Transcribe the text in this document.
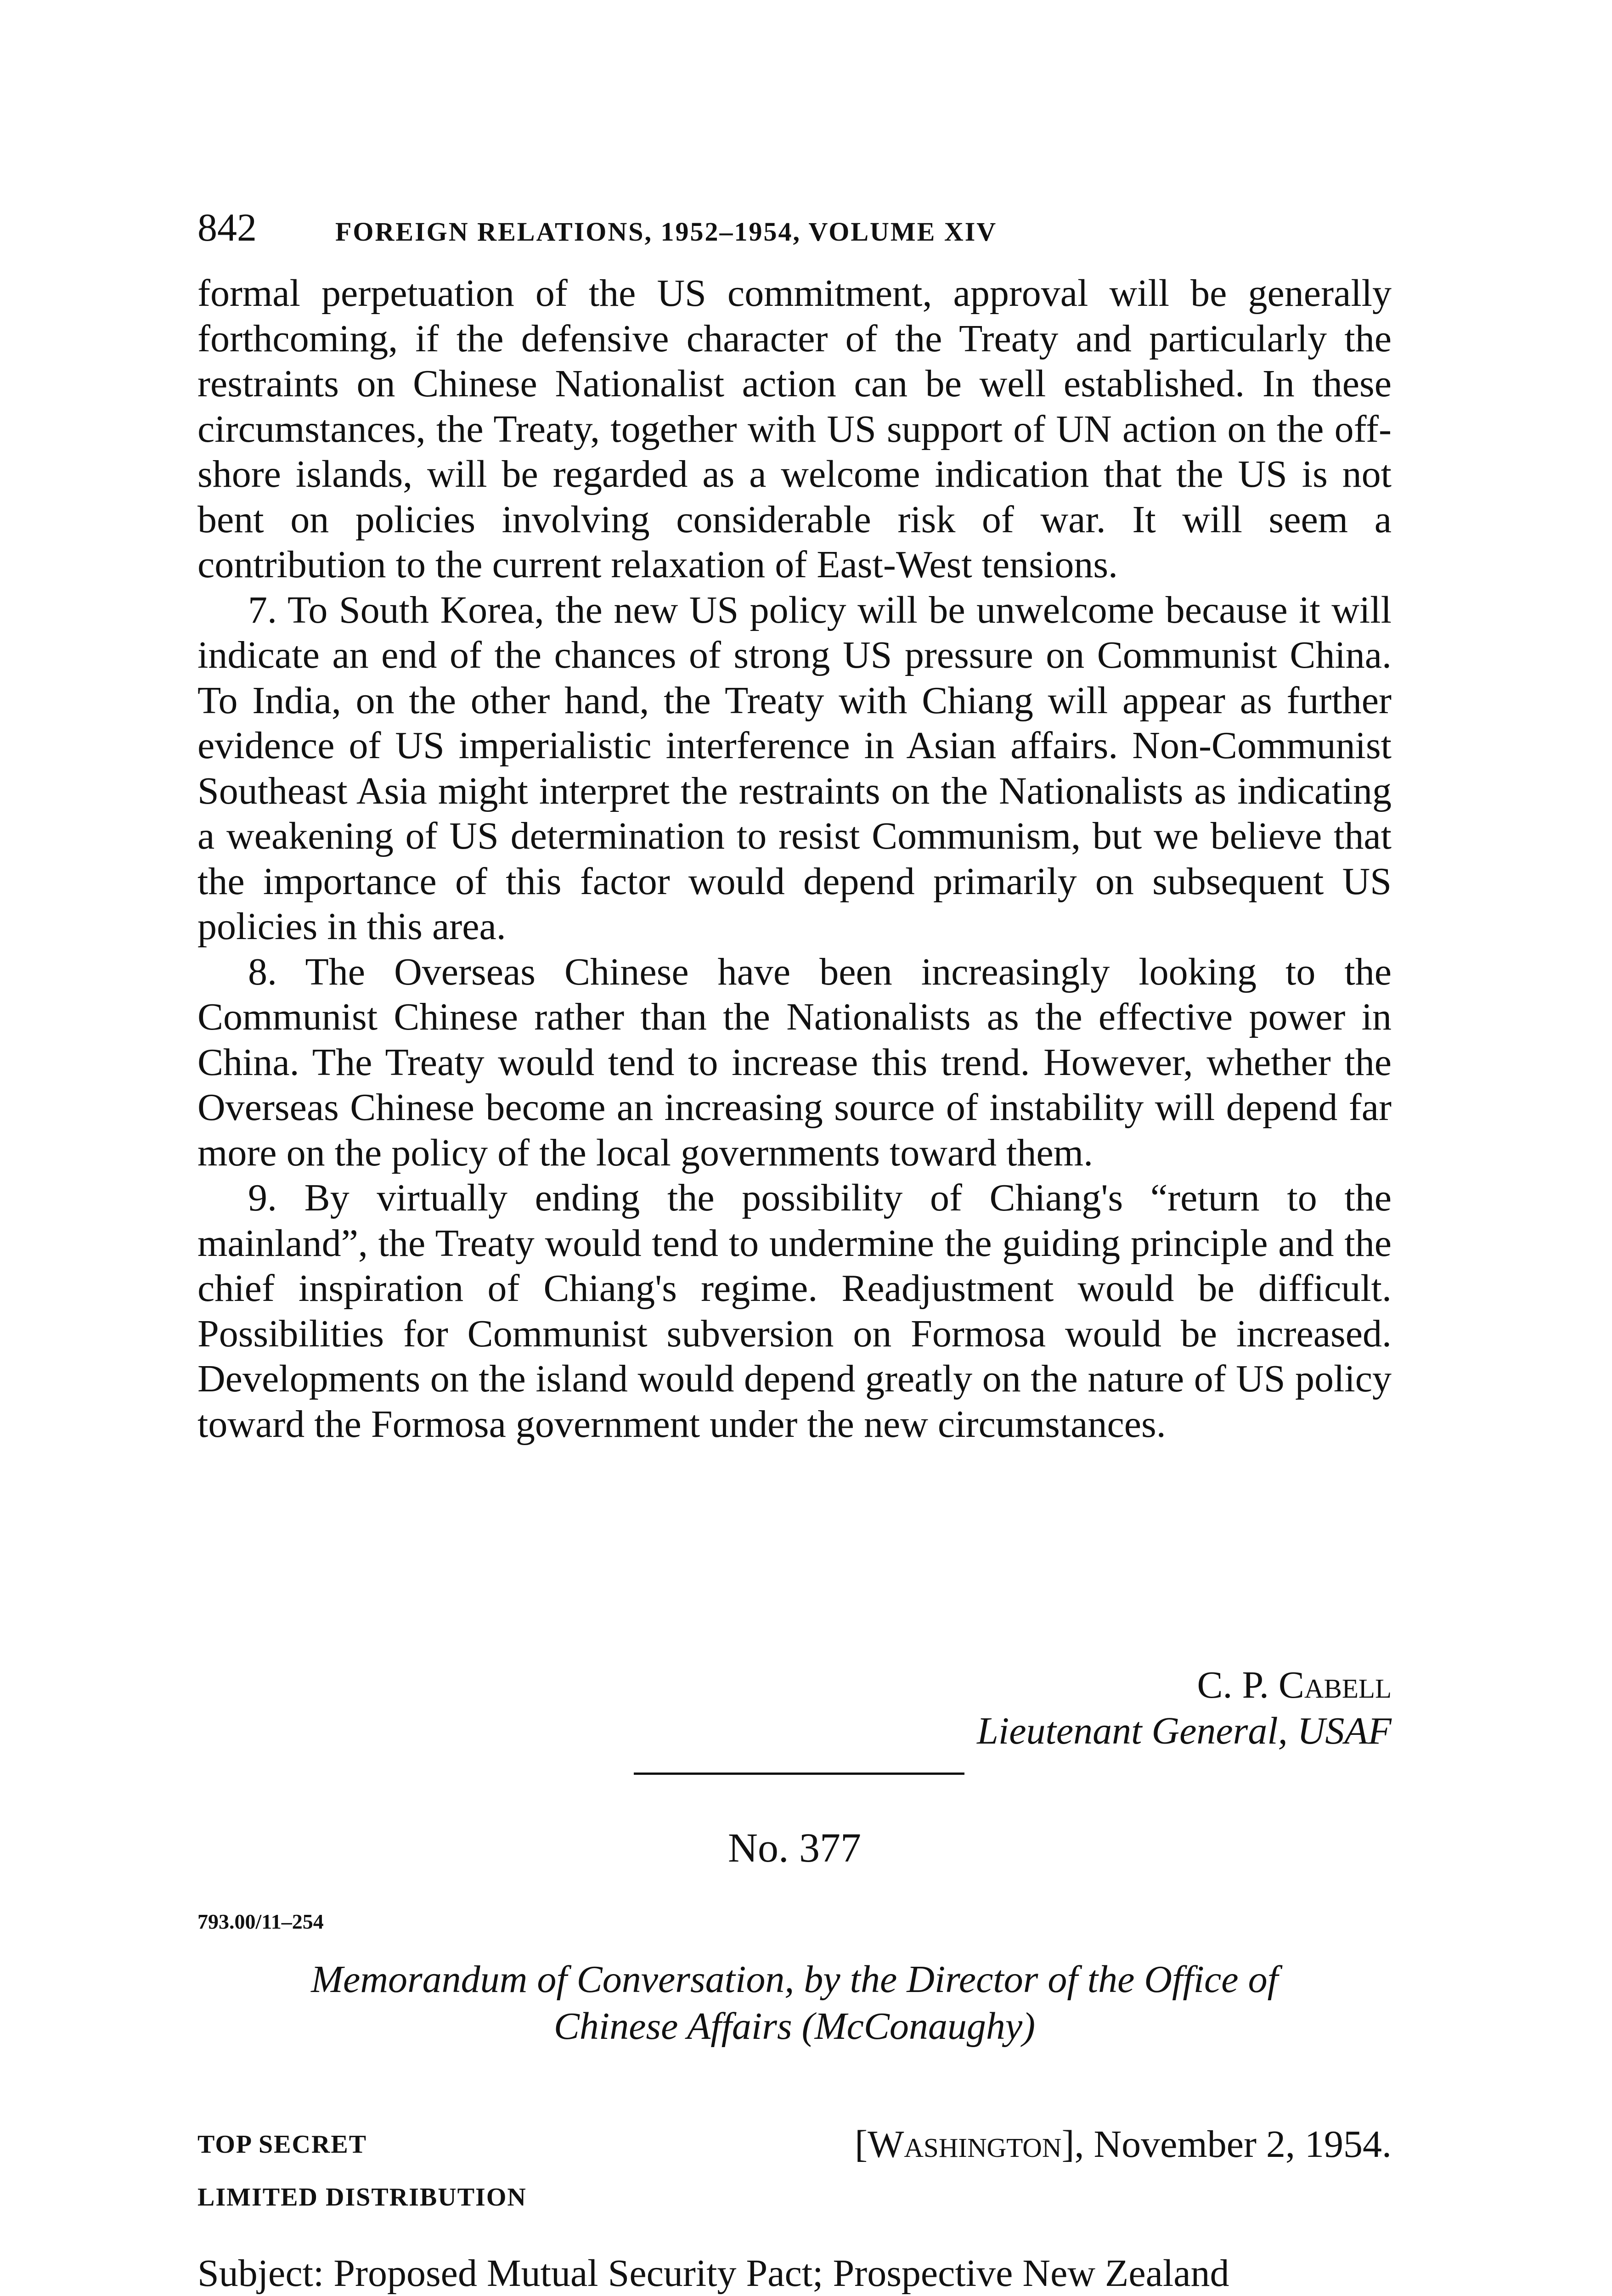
842	FOREIGN RELATIONS, 1952–1954, VOLUME XIV

formal perpetuation of the US commitment, approval will be generally forthcoming, if the defensive character of the Treaty and particularly the restraints on Chinese Nationalist action can be well established. In these circumstances, the Treaty, together with US support of UN action on the off-shore islands, will be regarded as a welcome indication that the US is not bent on policies involving considerable risk of war. It will seem a contribution to the current relaxation of East-West tensions.

7. To South Korea, the new US policy will be unwelcome because it will indicate an end of the chances of strong US pressure on Communist China. To India, on the other hand, the Treaty with Chiang will appear as further evidence of US imperialistic interference in Asian affairs. Non-Communist Southeast Asia might interpret the restraints on the Nationalists as indicating a weakening of US determination to resist Communism, but we believe that the importance of this factor would depend primarily on subsequent US policies in this area.

8. The Overseas Chinese have been increasingly looking to the Communist Chinese rather than the Nationalists as the effective power in China. The Treaty would tend to increase this trend. However, whether the Overseas Chinese become an increasing source of instability will depend far more on the policy of the local governments toward them.

9. By virtually ending the possibility of Chiang's “return to the mainland”, the Treaty would tend to undermine the guiding principle and the chief inspiration of Chiang's regime. Readjustment would be difficult. Possibilities for Communist subversion on Formosa would be increased. Developments on the island would depend greatly on the nature of US policy toward the Formosa government under the new circumstances.

C. P. Cabell
Lieutenant General, USAF
No. 377
793.00/11–254
Memorandum of Conversation, by the Director of the Office of
Chinese Affairs (McConaughy)
TOP SECRET	[Washington], November 2, 1954.
LIMITED DISTRIBUTION
Subject: Proposed Mutual Security Pact; Prospective New Zealand
